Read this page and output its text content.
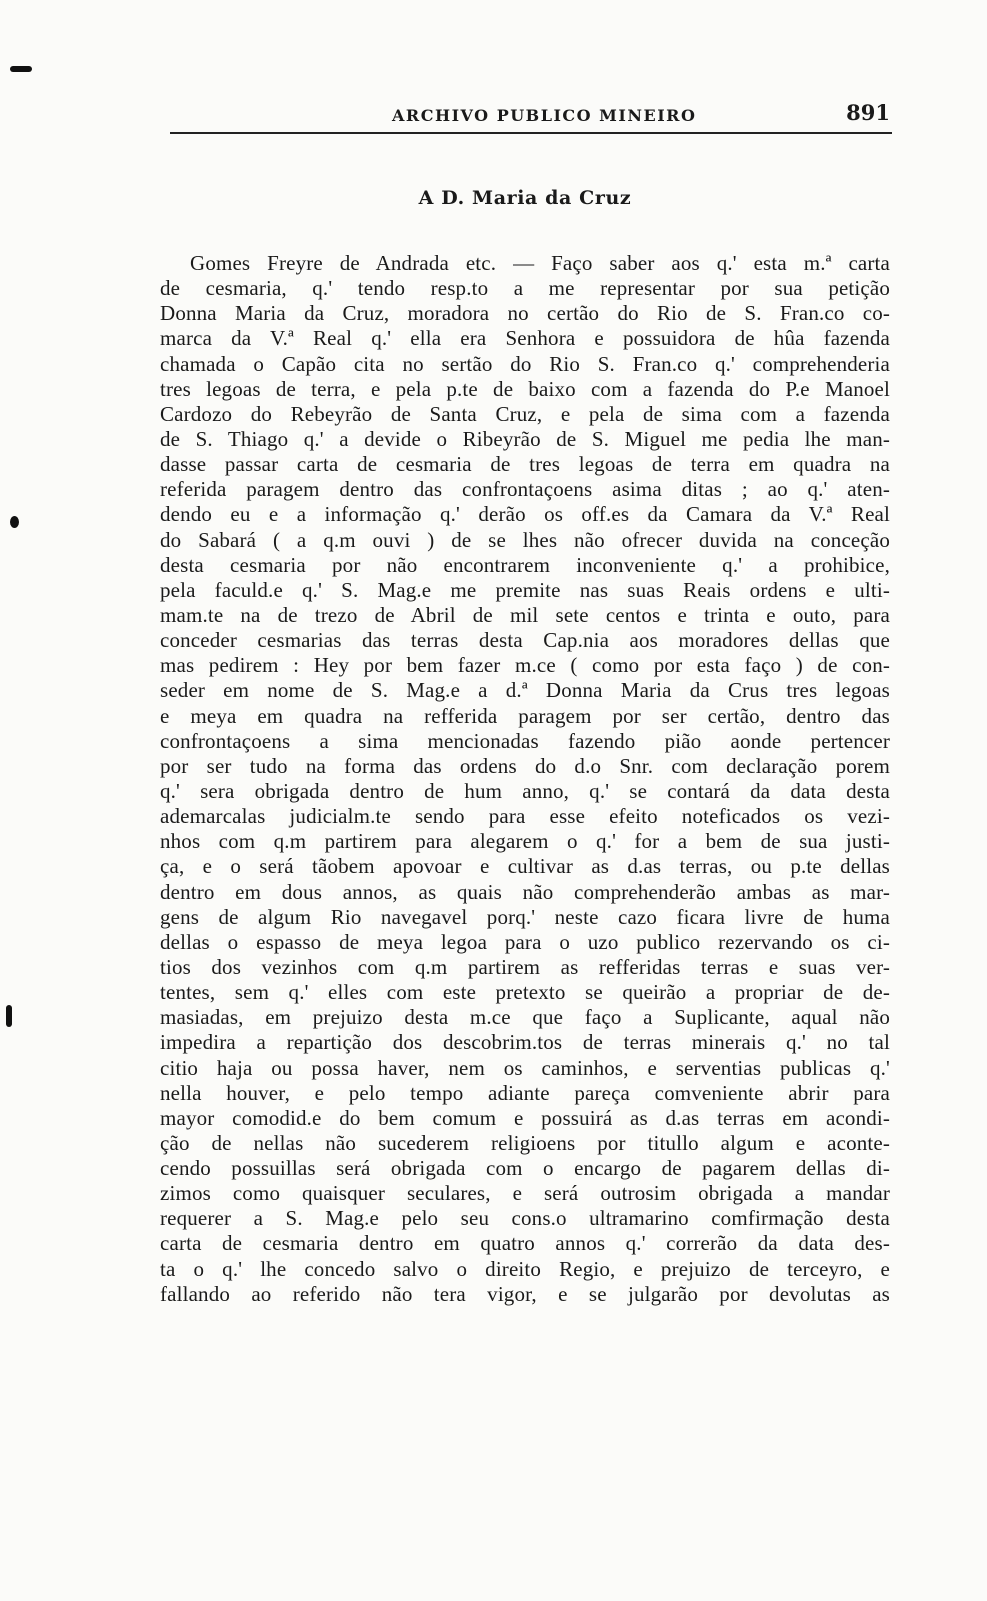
ARCHIVO PUBLICO MINEIRO	891
A D. Maria da Cruz
Gomes Freyre de Andrada etc. — Faço saber aos q.' esta m.ª carta
de cesmaria, q.' tendo resp.to a me representar por sua petição
Donna Maria da Cruz, moradora no certão do Rio de S. Fran.co co-
marca da V.ª Real q.' ella era Senhora e possuidora de hûa fazenda
chamada o Capão cita no sertão do Rio S. Fran.co q.' comprehenderia
tres legoas de terra, e pela p.te de baixo com a fazenda do P.e Manoel
Cardozo do Rebeyrão de Santa Cruz, e pela de sima com a fazenda
de S. Thiago q.' a devide o Ribeyrão de S. Miguel me pedia lhe man-
dasse passar carta de cesmaria de tres legoas de terra em quadra na
referida paragem dentro das confrontaçoens asima ditas ; ao q.' aten-
dendo eu e a informação q.' derão os off.es da Camara da V.ª Real
do Sabará ( a q.m ouvi ) de se lhes não ofrecer duvida na conceção
desta cesmaria por não encontrarem inconveniente q.' a prohibice,
pela faculd.e q.' S. Mag.e me premite nas suas Reais ordens e ulti-
mam.te na de trezo de Abril de mil sete centos e trinta e outo, para
conceder cesmarias das terras desta Cap.nia aos moradores dellas que
mas pedirem : Hey por bem fazer m.ce ( como por esta faço ) de con-
seder em nome de S. Mag.e a d.ª Donna Maria da Crus tres legoas
e meya em quadra na refferida paragem por ser certão, dentro das
confrontaçoens a sima mencionadas fazendo pião aonde pertencer
por ser tudo na forma das ordens do d.o Snr. com declaração porem
q.' sera obrigada dentro de hum anno, q.' se contará da data desta
ademarcalas judicialm.te sendo para esse efeito noteficados os vezi-
nhos com q.m partirem para alegarem o q.' for a bem de sua justi-
ça, e o será tãobem apovoar e cultivar as d.as terras, ou p.te dellas
dentro em dous annos, as quais não comprehenderão ambas as mar-
gens de algum Rio navegavel porq.' neste cazo ficara livre de huma
dellas o espasso de meya legoa para o uzo publico rezervando os ci-
tios dos vezinhos com q.m partirem as refferidas terras e suas ver-
tentes, sem q.' elles com este pretexto se queirão a propriar de de-
masiadas, em prejuizo desta m.ce que faço a Suplicante, aqual não
impedira a repartição dos descobrim.tos de terras minerais q.' no tal
citio haja ou possa haver, nem os caminhos, e serventias publicas q.'
nella houver, e pelo tempo adiante pareça comveniente abrir para
mayor comodid.e do bem comum e possuirá as d.as terras em acondi-
ção de nellas não sucederem religioens por titullo algum e aconte-
cendo possuillas será obrigada com o encargo de pagarem dellas di-
zimos como quaisquer seculares, e será outrosim obrigada a mandar
requerer a S. Mag.e pelo seu cons.o ultramarino comfirmação desta
carta de cesmaria dentro em quatro annos q.' correrão da data des-
ta o q.' lhe concedo salvo o direito Regio, e prejuizo de terceyro, e
fallando ao referido não tera vigor, e se julgarão por devolutas as
